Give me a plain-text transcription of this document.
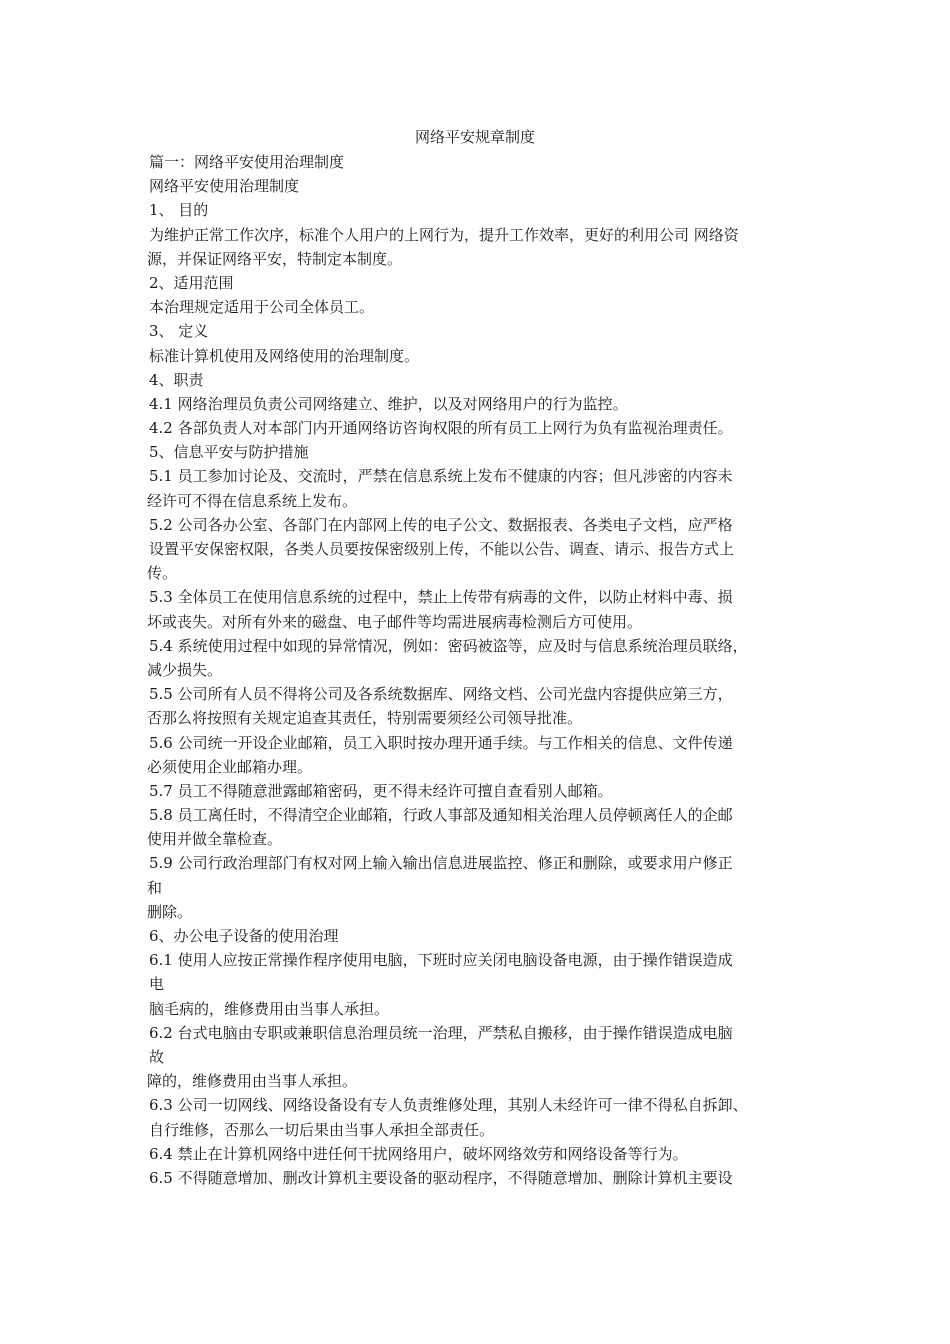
网络平安规章制度
篇一：网络平安使用治理制度
网络平安使用治理制度
1、 目的
为维护正常工作次序，标准个人用户的上网行为，提升工作效率，更好的利用公司 网络资
源，并保证网络平安，特制定本制度。
2、适用范围
本治理规定适用于公司全体员工。
3、 定义
标准计算机使用及网络使用的治理制度。
4、职责
4.1 网络治理员负责公司网络建立、维护，以及对网络用户的行为监控。
4.2 各部负责人对本部门内开通网络访咨询权限的所有员工上网行为负有监视治理责任。
5、信息平安与防护措施
5.1 员工参加讨论及、交流时，严禁在信息系统上发布不健康的内容；但凡涉密的内容未
经许可不得在信息系统上发布。
5.2 公司各办公室、各部门在内部网上传的电子公文、数据报表、各类电子文档，应严格
设置平安保密权限，各类人员要按保密级别上传，不能以公告、调查、请示、报告方式上
传。
5.3 全体员工在使用信息系统的过程中，禁止上传带有病毒的文件，以防止材料中毒、损
坏或丧失。对所有外来的磁盘、电子邮件等均需进展病毒检测后方可使用。
5.4 系统使用过程中如现的异常情况，例如：密码被盗等，应及时与信息系统治理员联络，
减少损失。
5.5 公司所有人员不得将公司及各系统数据库、网络文档、公司光盘内容提供应第三方，
否那么将按照有关规定追查其责任，特别需要须经公司领导批准。
5.6 公司统一开设企业邮箱，员工入职时按办理开通手续。与工作相关的信息、文件传递
必须使用企业邮箱办理。
5.7 员工不得随意泄露邮箱密码，更不得未经许可擅自查看别人邮箱。
5.8 员工离任时，不得清空企业邮箱，行政人事部及通知相关治理人员停顿离任人的企邮
使用并做全靠检查。
5.9 公司行政治理部门有权对网上输入输出信息进展监控、修正和删除，或要求用户修正
和
删除。
6、办公电子设备的使用治理
6.1 使用人应按正常操作程序使用电脑，下班时应关闭电脑设备电源，由于操作错误造成
电
脑毛病的，维修费用由当事人承担。
6.2 台式电脑由专职或兼职信息治理员统一治理，严禁私自搬移，由于操作错误造成电脑
故
障的，维修费用由当事人承担。
6.3 公司一切网线、网络设备设有专人负责维修处理，其别人未经许可一律不得私自拆卸、
自行维修，否那么一切后果由当事人承担全部责任。
6.4 禁止在计算机网络中进任何干扰网络用户，破坏网络效劳和网络设备等行为。
6.5 不得随意增加、删改计算机主要设备的驱动程序，不得随意增加、删除计算机主要设
